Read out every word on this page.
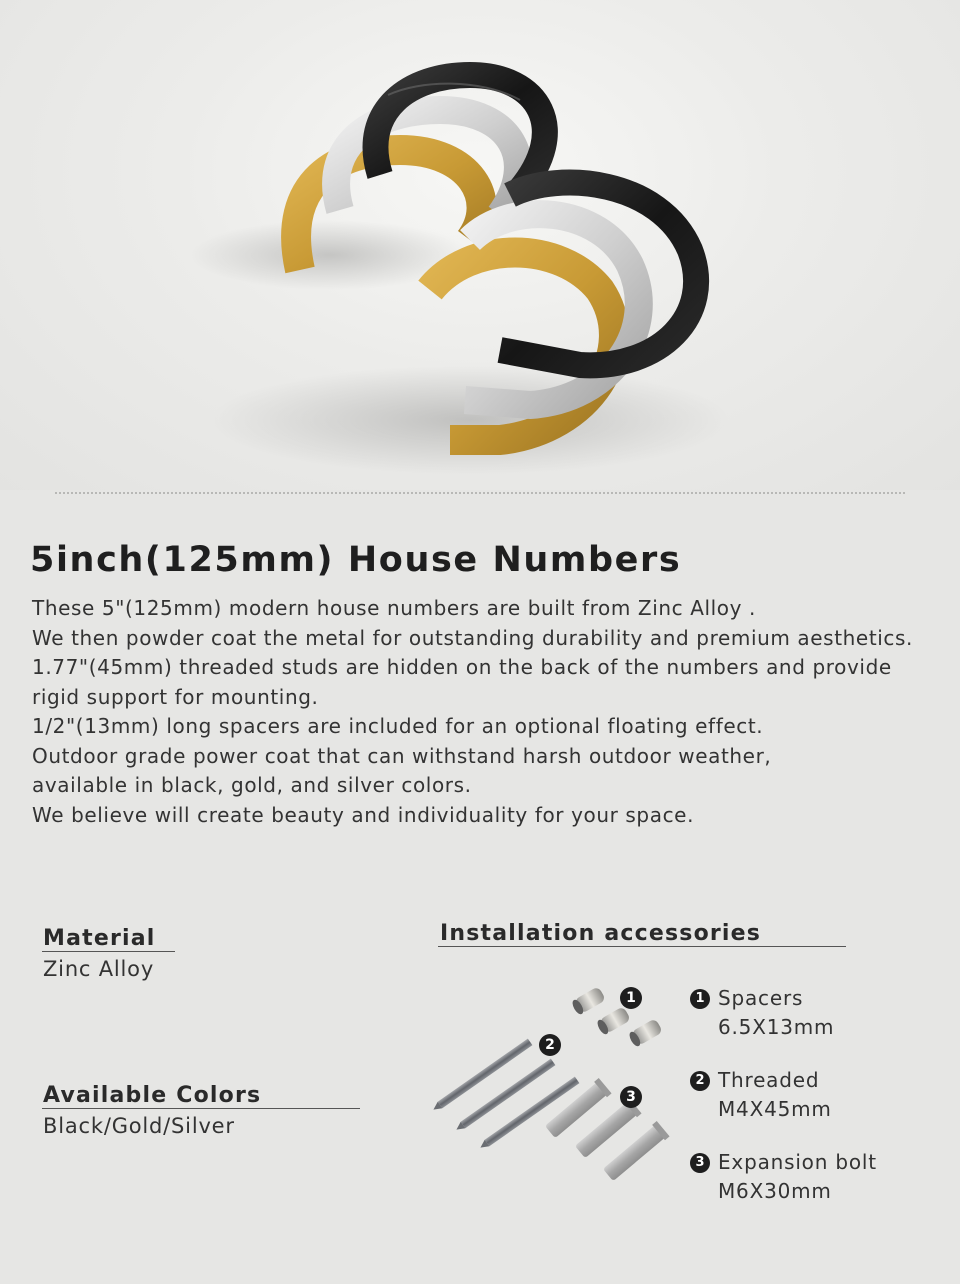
5inch(125mm) House Numbers
These 5"(125mm) modern house numbers are built from Zinc Alloy .
We then powder coat the metal for outstanding durability and premium aesthetics.
1.77"(45mm) threaded studs are hidden on the back of the numbers and provide
rigid support for mounting.
1/2"(13mm) long spacers are included for an optional floating effect.
Outdoor grade power coat that can withstand harsh outdoor weather,
available in black, gold, and silver colors.
We believe will create beauty and individuality for your space.
Material
Zinc Alloy
Available Colors
Black/Gold/Silver
Installation accessories
1
2
3
1 Spacers
6.5X13mm
2 Threaded
M4X45mm
3 Expansion bolt
M6X30mm
